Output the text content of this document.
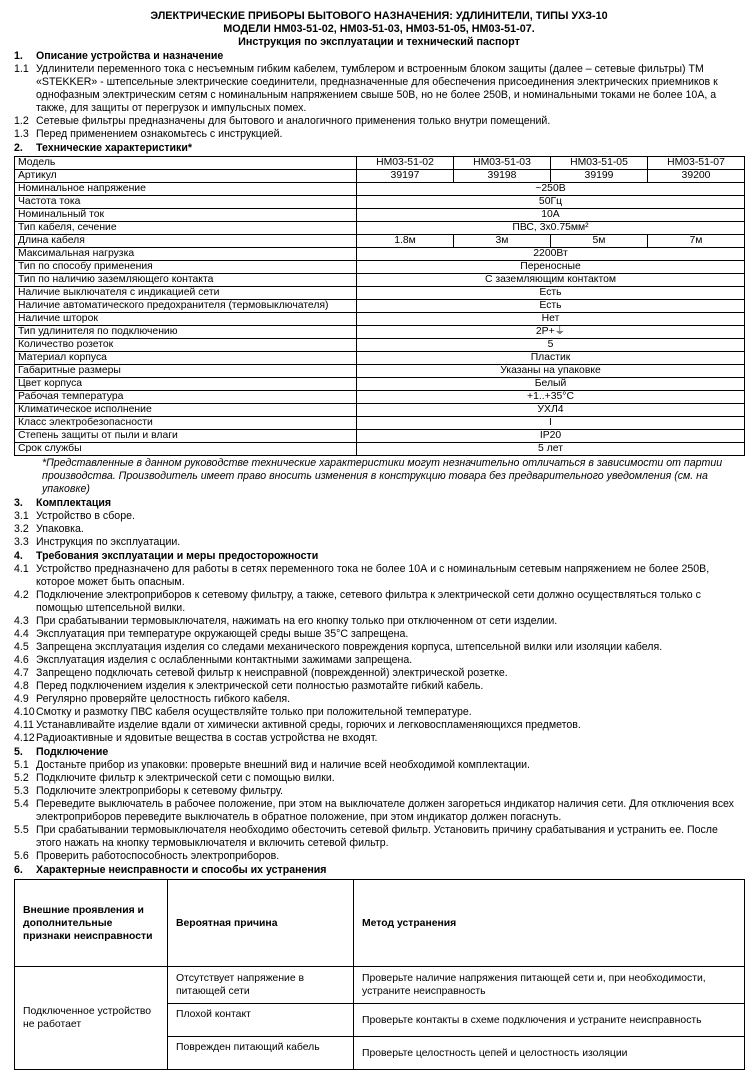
ЭЛЕКТРИЧЕСКИЕ ПРИБОРЫ БЫТОВОГО НАЗНАЧЕНИЯ: УДЛИНИТЕЛИ, ТИПЫ УХЗ-10
МОДЕЛИ HM03-51-02, HM03-51-03, HM03-51-05, HM03-51-07.
Инструкция по эксплуатации и технический паспорт
1.	Описание устройства и назначение
1.1 Удлинители переменного тока с несъемным гибким кабелем, тумблером и встроенным блоком защиты (далее – сетевые фильтры) ТМ «STEKKER» - штепсельные электрические соединители, предназначенные для обеспечения присоединения электрических приемников к однофазным электрическим сетям с номинальным напряжением свыше 50В, но не более 250В, и номинальными токами не более 10А, а также, для защиты от перегрузок и импульсных помех.
1.2 Сетевые фильтры предназначены для бытового и аналогичного применения только внутри помещений.
1.3 Перед применением ознакомьтесь с инструкцией.
2.	Технические характеристики*
Модель	HM03-51-02	HM03-51-03	HM03-51-05	HM03-51-07
Артикул	39197	39198	39199	39200
Номинальное напряжение	~250В			
Частота тока	50Гц			
Номинальный ток	10А			
Тип кабеля, сечение	ПВС, 3х0.75мм²			
Длина кабеля	1.8м	3м	5м	7м
Максимальная нагрузка	2200Вт			
Тип по способу применения	Переносные			
Тип по наличию заземляющего контакта	С заземляющим контактом			
Наличие выключателя с индикацией сети	Есть			
Наличие автоматического предохранителя (термовыключателя)	Есть			
Наличие шторок	Нет			
Тип удлинителя по подключению	2Р+⏚			
Количество розеток	5			
Материал корпуса	Пластик			
Габаритные размеры	Указаны на упаковке			
Цвет корпуса	Белый			
Рабочая температура	+1..+35°С			
Климатическое исполнение	УХЛ4			
Класс электробезопасности	I			
Степень защиты от пыли и влаги	IP20			
Срок службы	5 лет			
*Представленные в данном руководстве технические характеристики могут незначительно отличаться в зависимости от партии производства. Производитель имеет право вносить изменения в конструкцию товара без предварительного уведомления (см. на упаковке)
3.	Комплектация
3.1 Устройство в сборе.
3.2 Упаковка.
3.3 Инструкция по эксплуатации.
4.	Требования эксплуатации и меры предосторожности
4.1 Устройство предназначено для работы в сетях переменного тока не более 10А и с номинальным сетевым напряжением не более 250В, которое может быть опасным.
4.2 Подключение электроприборов к сетевому фильтру, а также, сетевого фильтра к электрической сети должно осуществляться только с помощью штепсельной вилки.
4.3 При срабатывании термовыключателя, нажимать на его кнопку только при отключенном от сети изделии.
4.4 Эксплуатация при температуре окружающей среды выше 35°С запрещена.
4.5 Запрещена эксплуатация изделия со следами механического повреждения корпуса, штепсельной вилки или изоляции кабеля.
4.6 Эксплуатация изделия с ослабленными контактными зажимами запрещена.
4.7 Запрещено подключать сетевой фильтр к неисправной (поврежденной) электрической розетке.
4.8 Перед подключением изделия к электрической сети полностью размотайте гибкий кабель.
4.9 Регулярно проверяйте целостность гибкого кабеля.
4.10 Смотку и размотку ПВС кабеля осуществляйте только при положительной температуре.
4.11 Устанавливайте изделие вдали от химически активной среды, горючих и легковоспламеняющихся предметов.
4.12 Радиоактивные и ядовитые вещества в состав устройства не входят.
5.	Подключение
5.1 Достаньте прибор из упаковки: проверьте внешний вид и наличие всей необходимой комплектации.
5.2 Подключите фильтр к электрической сети с помощью вилки.
5.3 Подключите электроприборы к сетевому фильтру.
5.4 Переведите выключатель в рабочее положение, при этом на выключателе должен загореться индикатор наличия сети. Для отключения всех электроприборов переведите выключатель в обратное положение, при этом индикатор должен погаснуть.
5.5 При срабатывании термовыключателя необходимо обесточить сетевой фильтр. Установить причину срабатывания и устранить ее. После этого нажать на кнопку термовыключателя и включить сетевой фильтр.
5.6 Проверить работоспособность электроприборов.
6.	Характерные неисправности и способы их устранения
Внешние проявления и дополнительные признаки неисправности	Вероятная причина	Метод устранения
Подключенное устройство не работает	Отсутствует напряжение в питающей сети	Проверьте наличие напряжения питающей сети и, при необходимости, устраните неисправность
	Плохой контакт	Проверьте контакты в схеме подключения и устраните неисправность
	Поврежден питающий кабель	Проверьте целостность цепей и целостность изоляции
